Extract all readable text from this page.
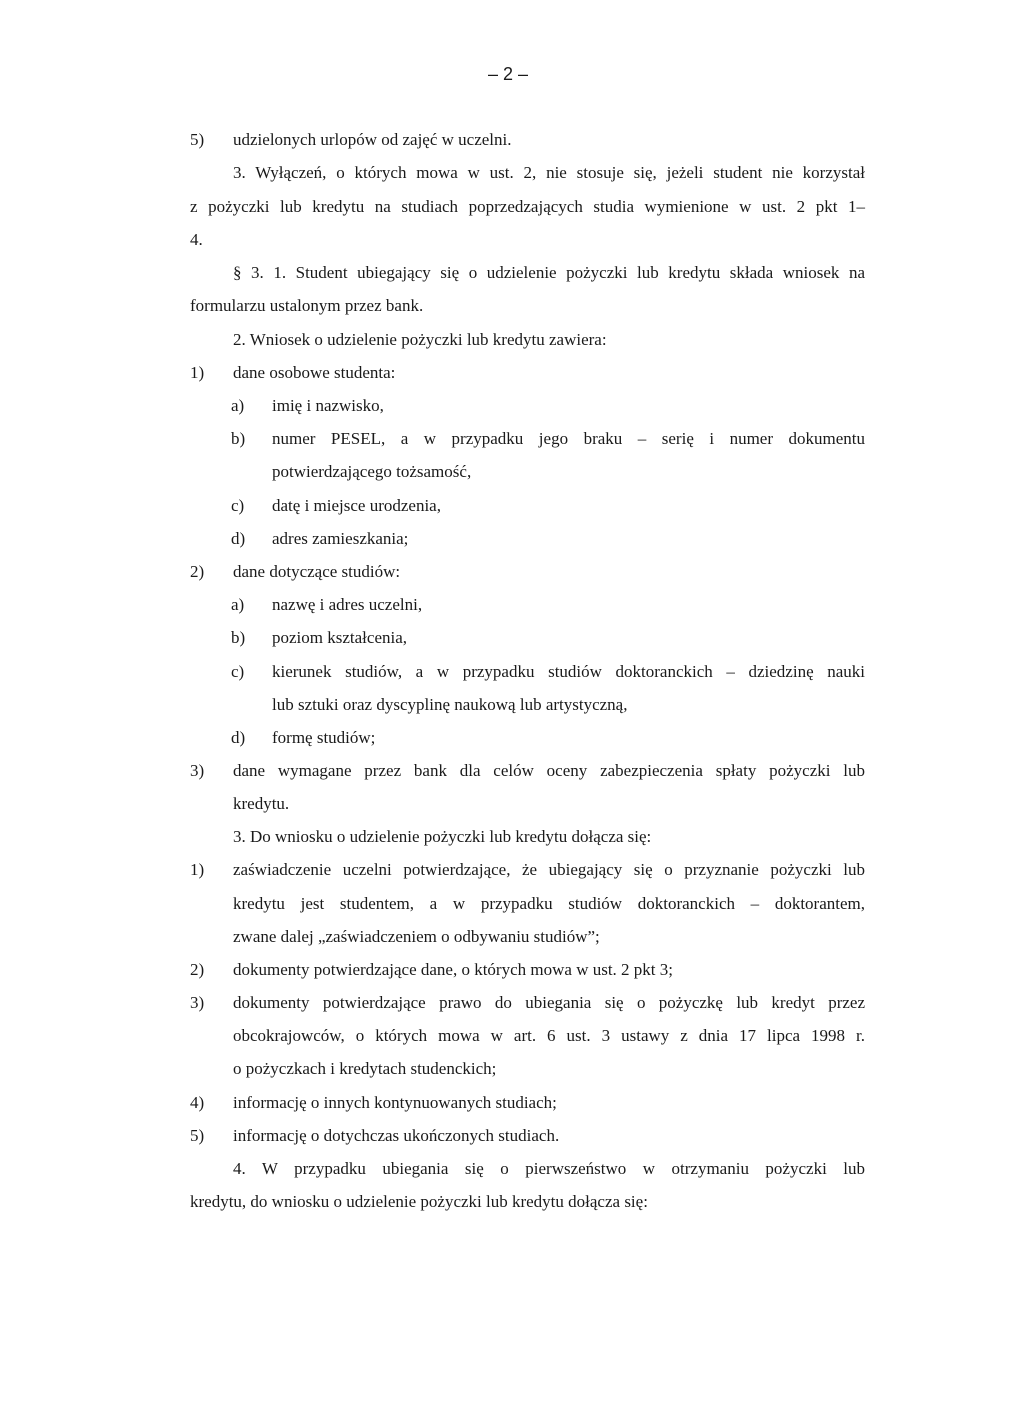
– 2 –
5) udzielonych urlopów od zajęć w uczelni.
3. Wyłączeń, o których mowa w ust. 2, nie stosuje się, jeżeli student nie korzystał
z pożyczki lub kredytu na studiach poprzedzających studia wymienione w ust. 2 pkt 1–
4.
§ 3. 1. Student ubiegający się o udzielenie pożyczki lub kredytu składa wniosek na
formularzu ustalonym przez bank.
2. Wniosek o udzielenie pożyczki lub kredytu zawiera:
1) dane osobowe studenta:
a) imię i nazwisko,
b) numer PESEL, a w przypadku jego braku – serię i numer dokumentu
potwierdzającego tożsamość,
c) datę i miejsce urodzenia,
d) adres zamieszkania;
2) dane dotyczące studiów:
a) nazwę i adres uczelni,
b) poziom kształcenia,
c) kierunek studiów, a w przypadku studiów doktoranckich – dziedzinę nauki
lub sztuki oraz dyscyplinę naukową lub artystyczną,
d) formę studiów;
3) dane wymagane przez bank dla celów oceny zabezpieczenia spłaty pożyczki lub
kredytu.
3. Do wniosku o udzielenie pożyczki lub kredytu dołącza się:
1) zaświadczenie uczelni potwierdzające, że ubiegający się o przyznanie pożyczki lub
kredytu jest studentem, a w przypadku studiów doktoranckich – doktorantem,
zwane dalej „zaświadczeniem o odbywaniu studiów”;
2) dokumenty potwierdzające dane, o których mowa w ust. 2 pkt 3;
3) dokumenty potwierdzające prawo do ubiegania się o pożyczkę lub kredyt przez
obcokrajowców, o których mowa w art. 6 ust. 3 ustawy z dnia 17 lipca 1998 r.
o pożyczkach i kredytach studenckich;
4) informację o innych kontynuowanych studiach;
5) informację o dotychczas ukończonych studiach.
4. W przypadku ubiegania się o pierwszeństwo w otrzymaniu pożyczki lub
kredytu, do wniosku o udzielenie pożyczki lub kredytu dołącza się:
